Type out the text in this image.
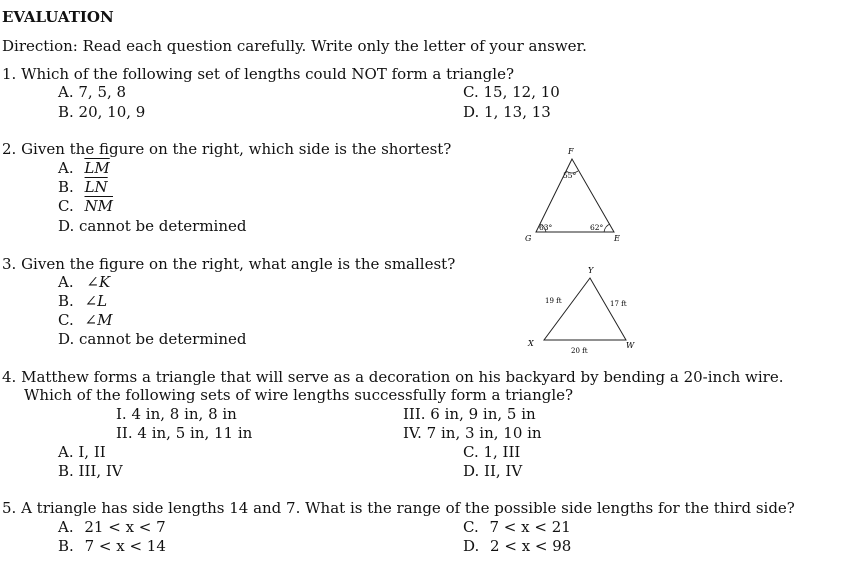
EVALUATION
Direction: Read each question carefully. Write only the letter of your answer.
1. Which of the following set of lengths could NOT form a triangle?
A. 7, 5, 8
B. 20, 10, 9
C. 15, 12, 10
D. 1, 13, 13
2. Given the figure on the right, which side is the shortest?
A. $\overline{LM}$
B. $\overline{LN}$
C. $\overline{NM}$
D. cannot be determined
F
G	E
55°
63°	62°
3. Given the figure on the right, what angle is the smallest?
A. ∠K
B. ∠L
C. ∠M
D. cannot be determined
Y
X	W
19 ft	17 ft
20 ft
4. Matthew forms a triangle that will serve as a decoration on his backyard by bending a 20-inch wire.
Which of the following sets of wire lengths successfully form a triangle?
I. 4 in, 8 in, 8 in
II. 4 in, 5 in, 11 in
III. 6 in, 9 in, 5 in
IV. 7 in, 3 in, 10 in
A. I, II
B. III, IV
C. 1, III
D. II, IV
5. A triangle has side lengths 14 and 7. What is the range of the possible side lengths for the third side?
A. 21 < x < 7
B. 7 < x < 14
C. 7 < x < 21
D. 2 < x < 98
